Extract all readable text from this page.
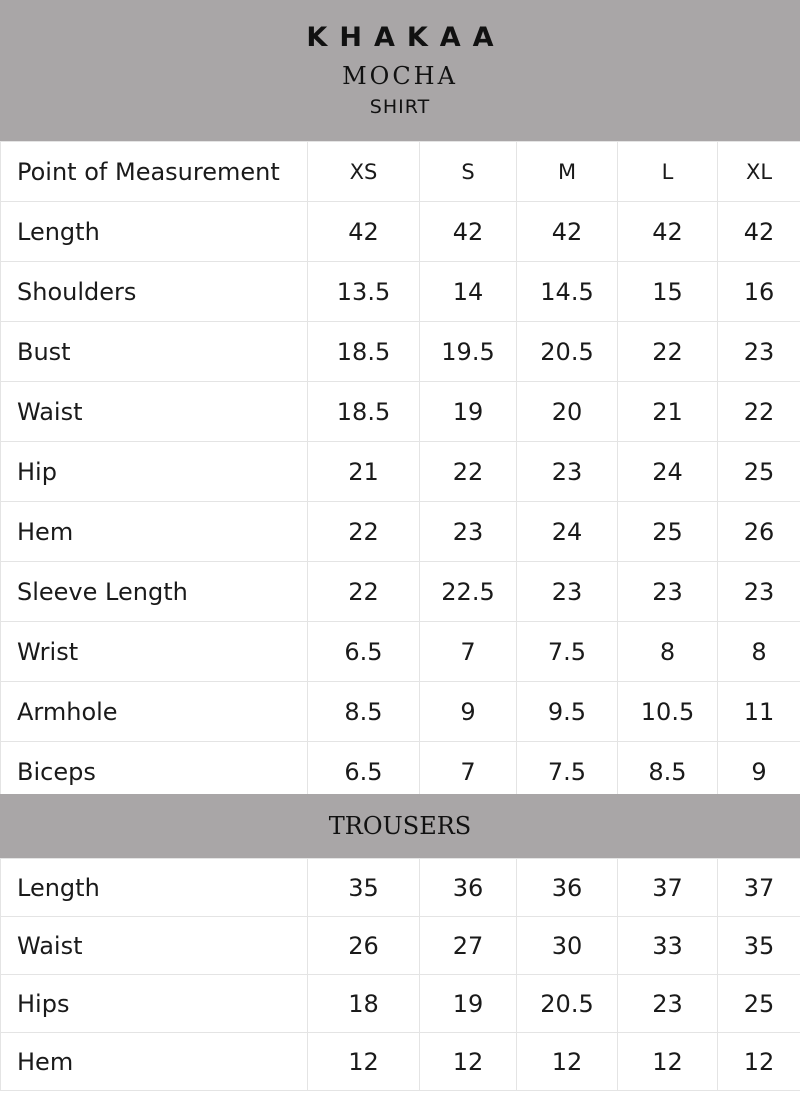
KHAKAA
MOCHA
SHIRT
Point of Measurement	XS	S	M	L	XL
Length	42	42	42	42	42
Shoulders	13.5	14	14.5	15	16
Bust	18.5	19.5	20.5	22	23
Waist	18.5	19	20	21	22
Hip	21	22	23	24	25
Hem	22	23	24	25	26
Sleeve Length	22	22.5	23	23	23
Wrist	6.5	7	7.5	8	8
Armhole	8.5	9	9.5	10.5	11
Biceps	6.5	7	7.5	8.5	9
TROUSERS
Length	35	36	36	37	37
Waist	26	27	30	33	35
Hips	18	19	20.5	23	25
Hem	12	12	12	12	12
